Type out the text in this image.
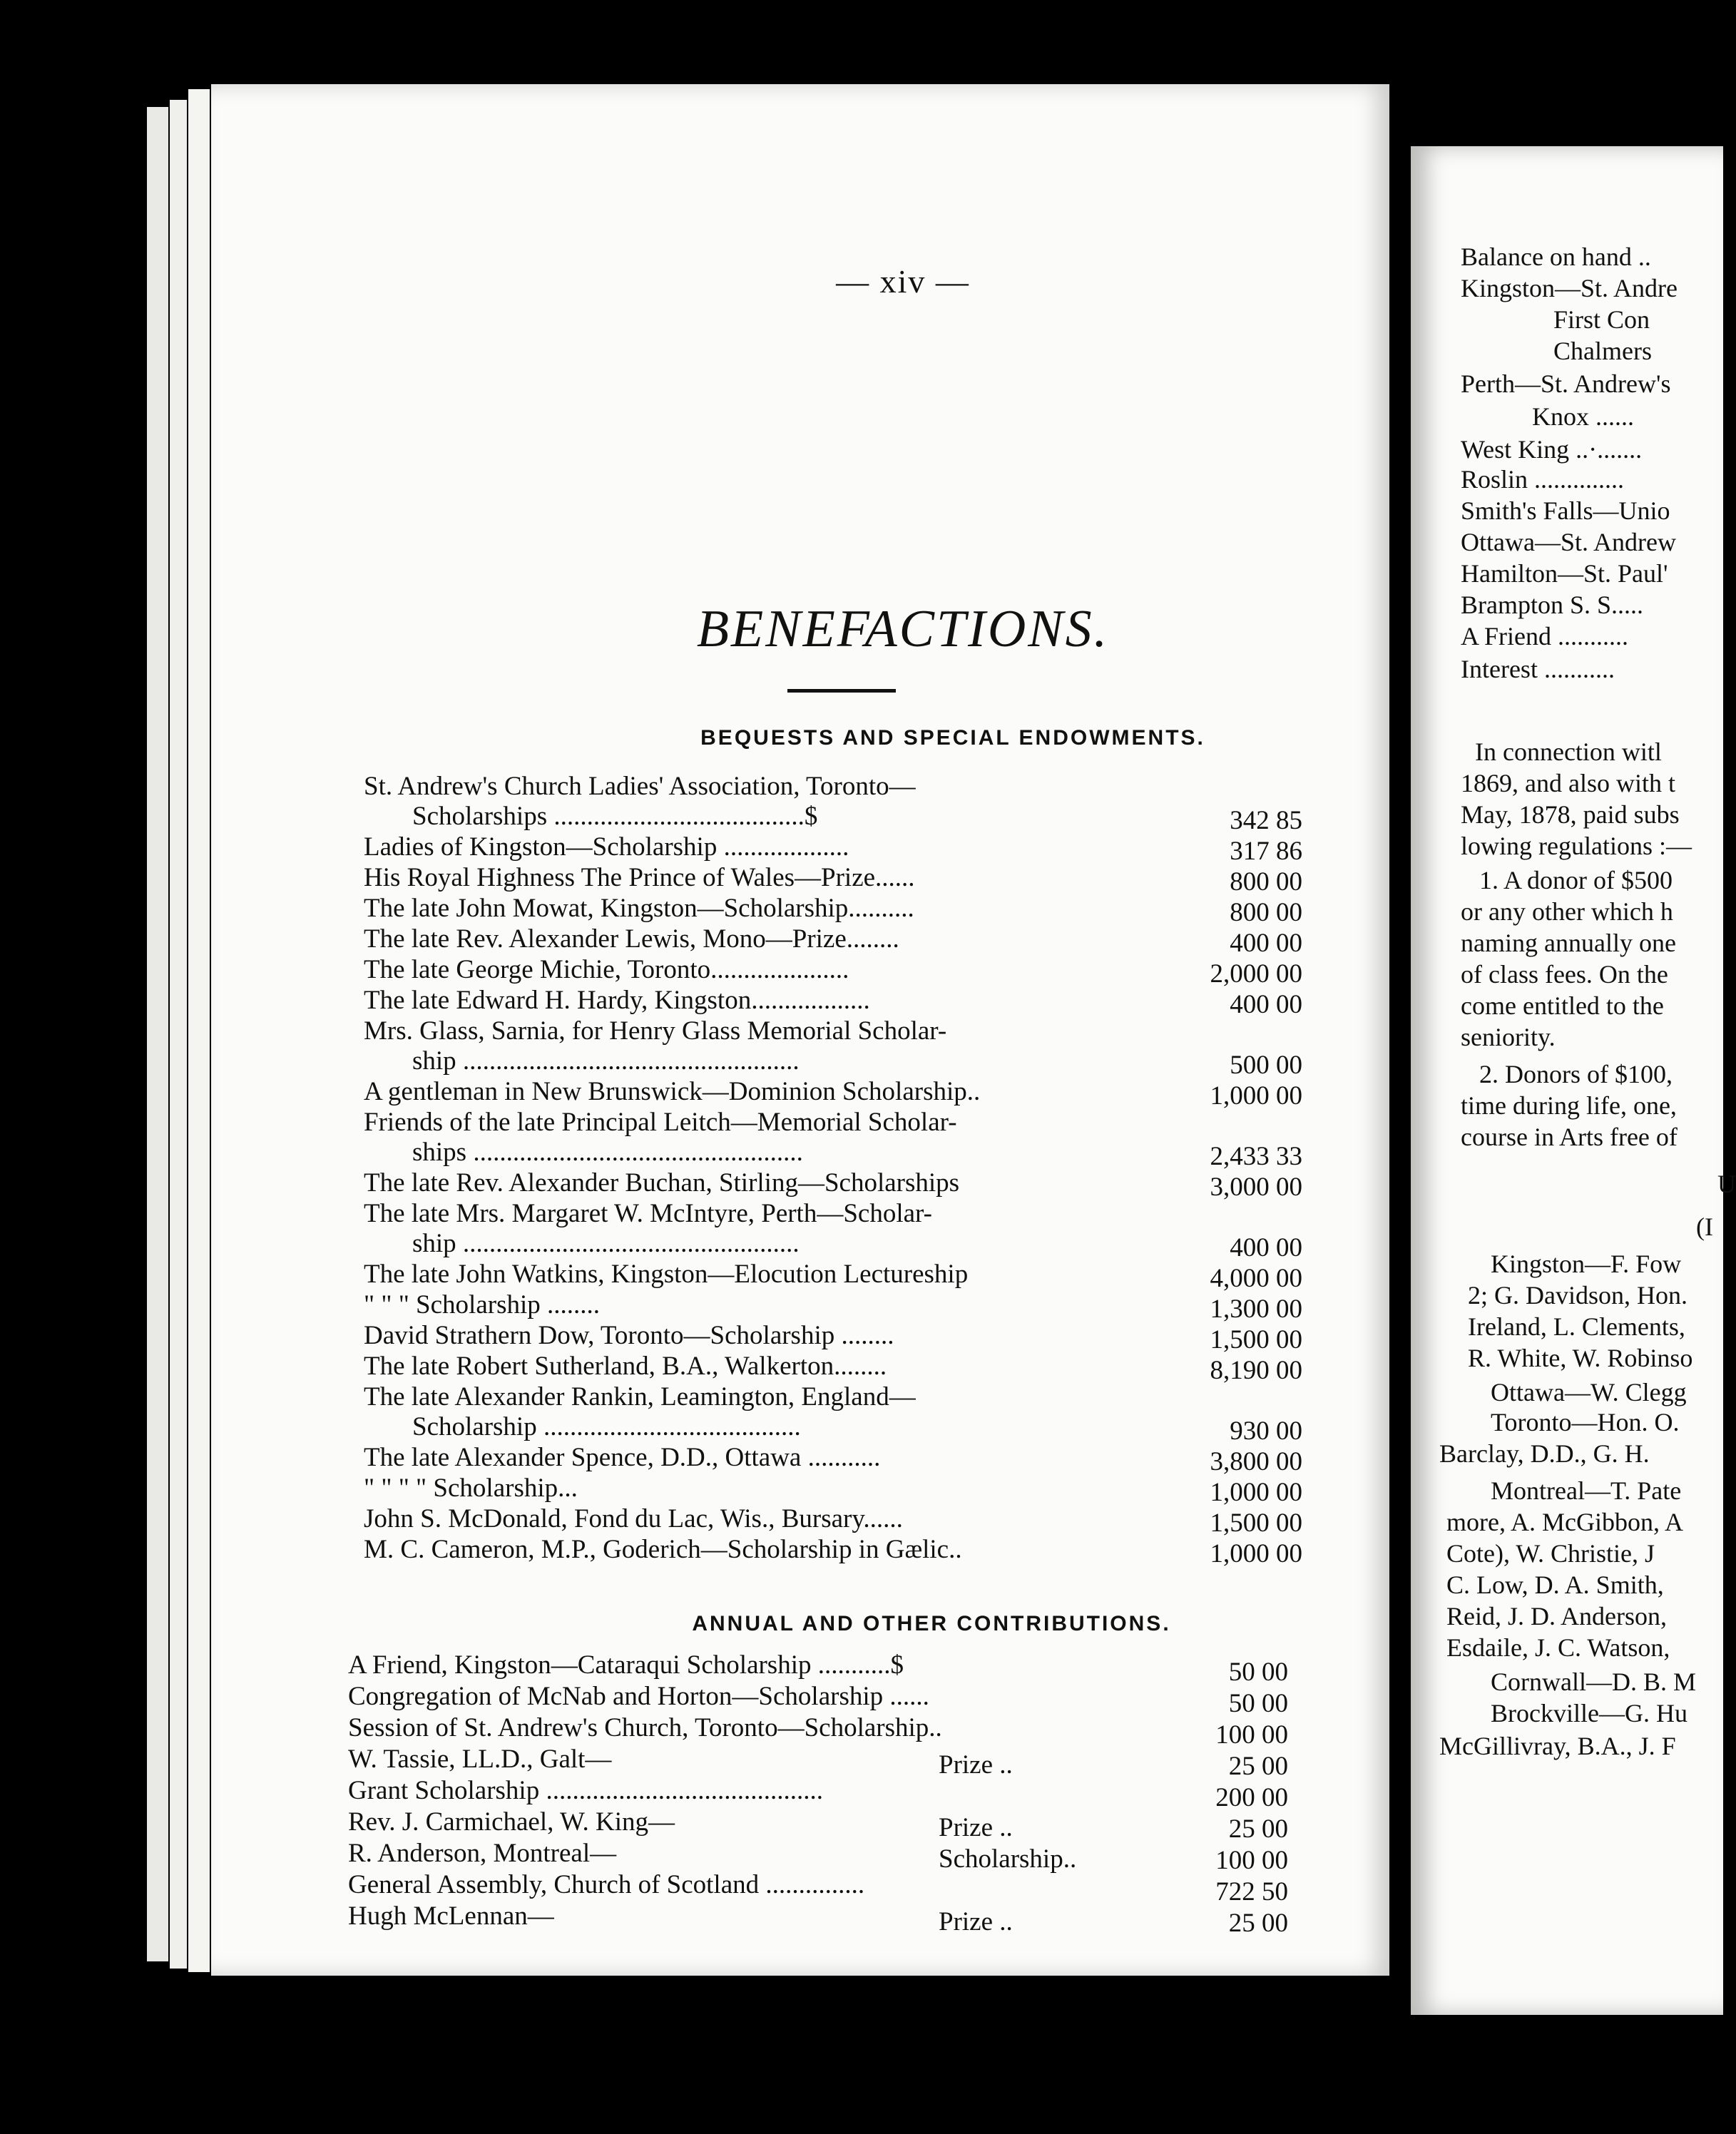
— xiv —
BENEFACTIONS.
BEQUESTS AND SPECIAL ENDOWMENTS.
St. Andrew's Church Ladies' Association, Toronto—
Scholarships ......................................$	342 85
Ladies of Kingston—Scholarship ...................	317 86
His Royal Highness The Prince of Wales—Prize......	800 00
The late John Mowat, Kingston—Scholarship..........	800 00
The late Rev. Alexander Lewis, Mono—Prize........	400 00
The late George Michie, Toronto.....................	2,000 00
The late Edward H. Hardy, Kingston..................	400 00
Mrs. Glass, Sarnia, for Henry Glass Memorial Scholar-
ship ...................................................	500 00
A gentleman in New Brunswick—Dominion Scholarship..	1,000 00
Friends of the late Principal Leitch—Memorial Scholar-
ships ..................................................	2,433 33
The late Rev. Alexander Buchan, Stirling—Scholarships	3,000 00
The late Mrs. Margaret W. McIntyre, Perth—Scholar-
ship ...................................................	400 00
The late John Watkins, Kingston—Elocution Lectureship	4,000 00
" " " Scholarship ........	1,300 00
David Strathern Dow, Toronto—Scholarship ........	1,500 00
The late Robert Sutherland, B.A., Walkerton........	8,190 00
The late Alexander Rankin, Leamington, England—
Scholarship .......................................	930 00
The late Alexander Spence, D.D., Ottawa ...........	3,800 00
" " " " Scholarship...	1,000 00
John S. McDonald, Fond du Lac, Wis., Bursary......	1,500 00
M. C. Cameron, M.P., Goderich—Scholarship in Gælic..	1,000 00
ANNUAL AND OTHER CONTRIBUTIONS.
A Friend, Kingston—Cataraqui Scholarship ...........$	50 00
Congregation of McNab and Horton—Scholarship ......	50 00
Session of St. Andrew's Church, Toronto—Scholarship..	100 00
W. Tassie, LL.D., Galt—	Prize ..	25 00
Grant Scholarship ..........................................	200 00
Rev. J. Carmichael, W. King—	Prize ..	25 00
R. Anderson, Montreal—	Scholarship..	100 00
General Assembly, Church of Scotland ...............	722 50
Hugh McLennan—	Prize ..	25 00
Balance on hand ..
Kingston—St. Andre
First Con
Chalmers
Perth—St. Andrew's
Knox ......
West King ..·.......
Roslin ..............
Smith's Falls—Unio
Ottawa—St. Andrew
Hamilton—St. Paul'
Brampton S. S.....
A Friend ...........
Interest ...........
In connection witl
1869, and also with t
May, 1878, paid subs
lowing regulations :—
1. A donor of $500
or any other which h
naming annually one
of class fees. On the
come entitled to the
seniority.
2. Donors of $100,
time during life, one,
course in Arts free of
U
(I
Kingston—F. Fow
2; G. Davidson, Hon.
Ireland, L. Clements,
R. White, W. Robinso
Ottawa—W. Clegg
Toronto—Hon. O.
Barclay, D.D., G. H.
Montreal—T. Pate
more, A. McGibbon, A
Cote), W. Christie, J
C. Low, D. A. Smith,
Reid, J. D. Anderson,
Esdaile, J. C. Watson,
Cornwall—D. B. M
Brockville—G. Hu
McGillivray, B.A., J. F
